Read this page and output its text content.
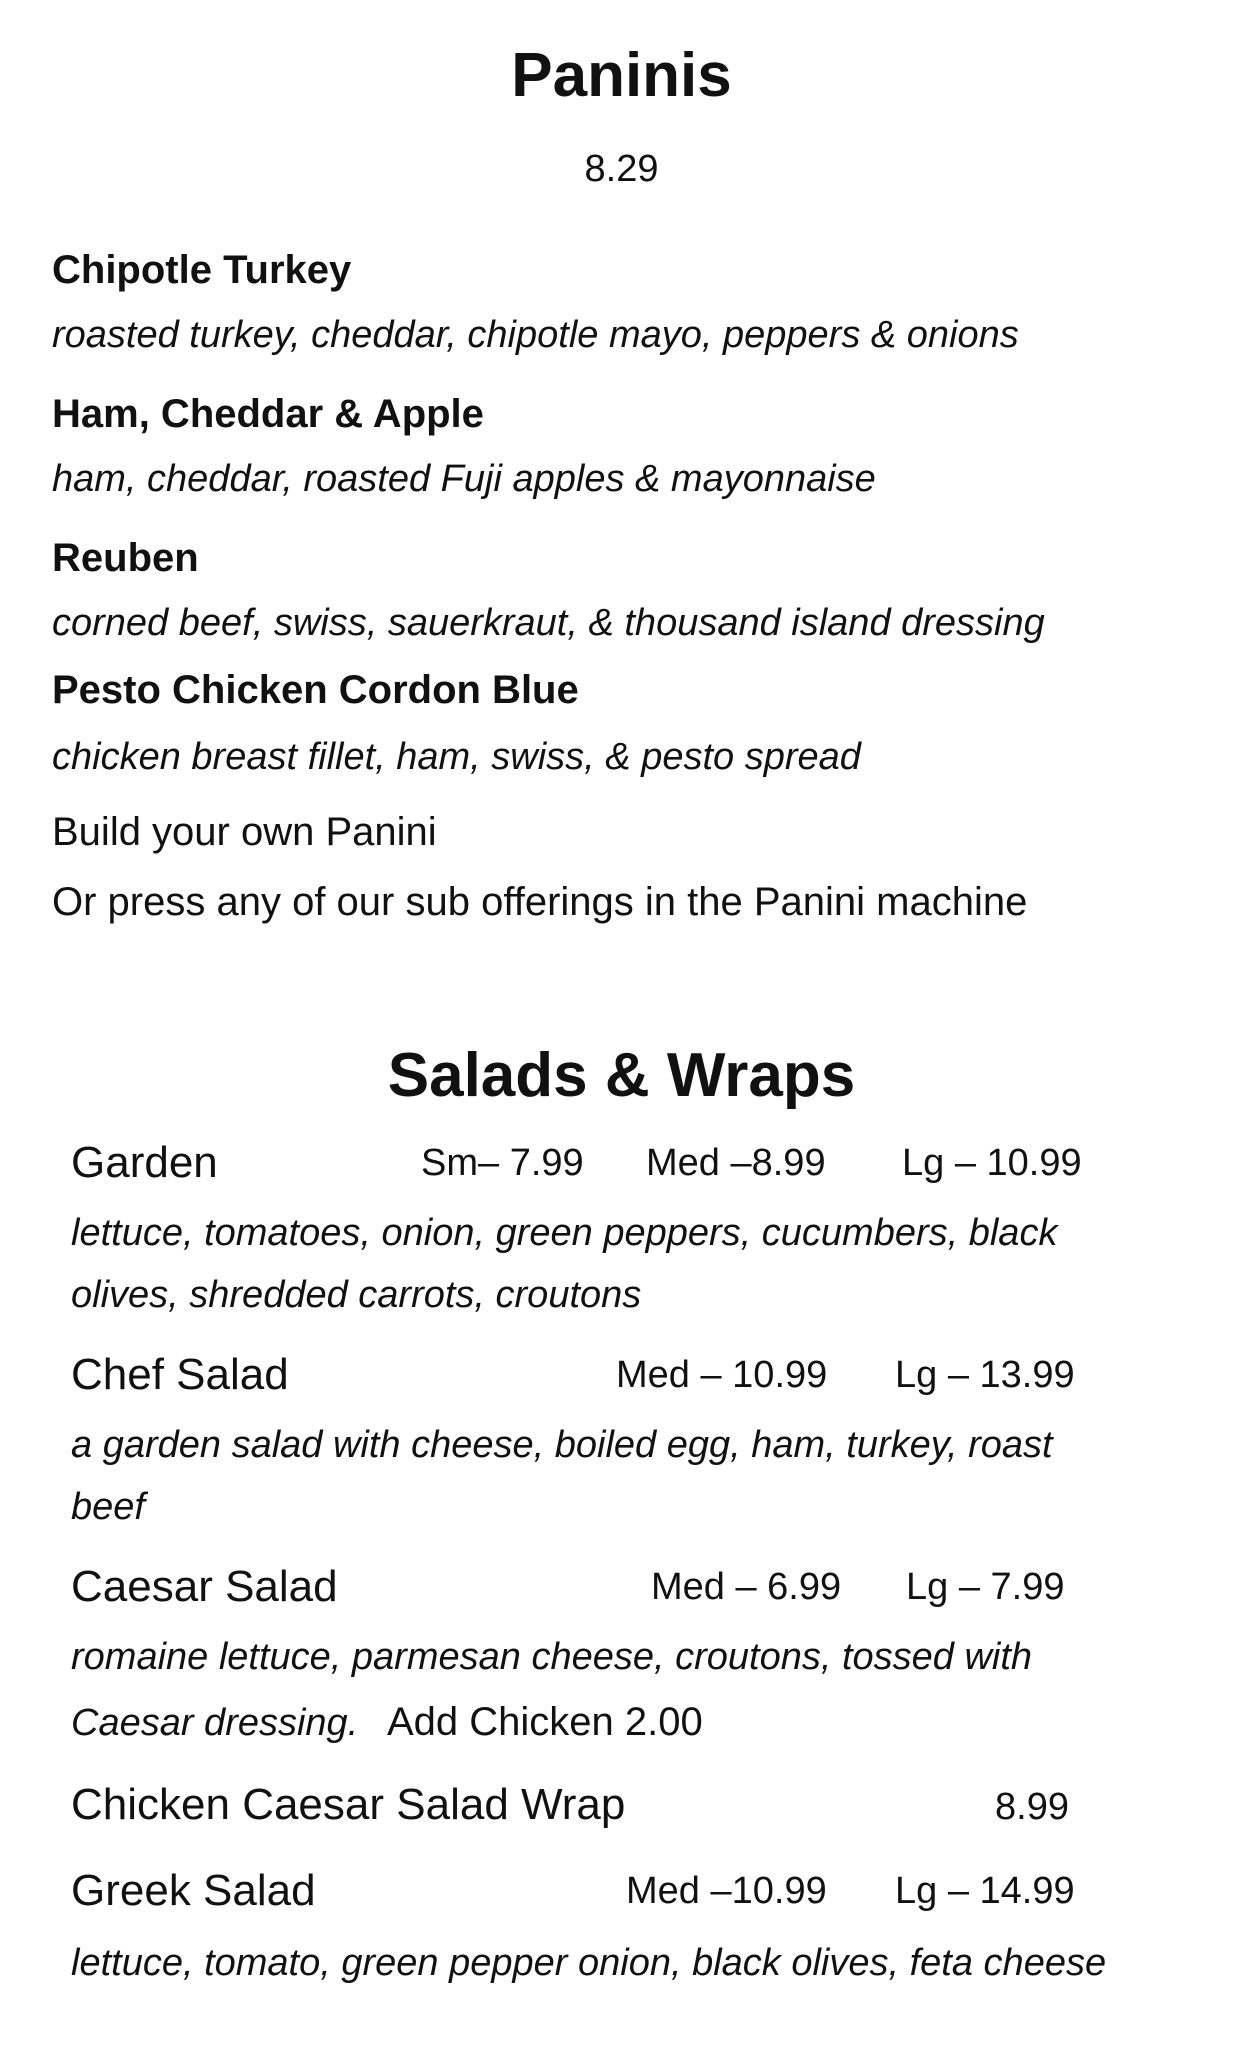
Paninis
8.29
Chipotle Turkey
roasted turkey, cheddar, chipotle mayo, peppers & onions
Ham, Cheddar & Apple
ham, cheddar, roasted Fuji apples & mayonnaise
Reuben
corned beef, swiss, sauerkraut, & thousand island dressing
Pesto Chicken Cordon Blue
chicken breast fillet, ham, swiss, & pesto spread
Build your own Panini
Or press any of our sub offerings in the Panini machine
Salads & Wraps
Garden	Sm– 7.99 Med –8.99 Lg – 10.99
lettuce, tomatoes, onion, green peppers, cucumbers, black
olives, shredded carrots, croutons
Chef Salad	Med – 10.99 Lg – 13.99
a garden salad with cheese, boiled egg, ham, turkey, roast
beef
Caesar Salad	Med – 6.99 Lg – 7.99
romaine lettuce, parmesan cheese, croutons, tossed with
Caesar dressing. Add Chicken 2.00
Chicken Caesar Salad Wrap	8.99
Greek Salad	Med –10.99 Lg – 14.99
lettuce, tomato, green pepper onion, black olives, feta cheese
